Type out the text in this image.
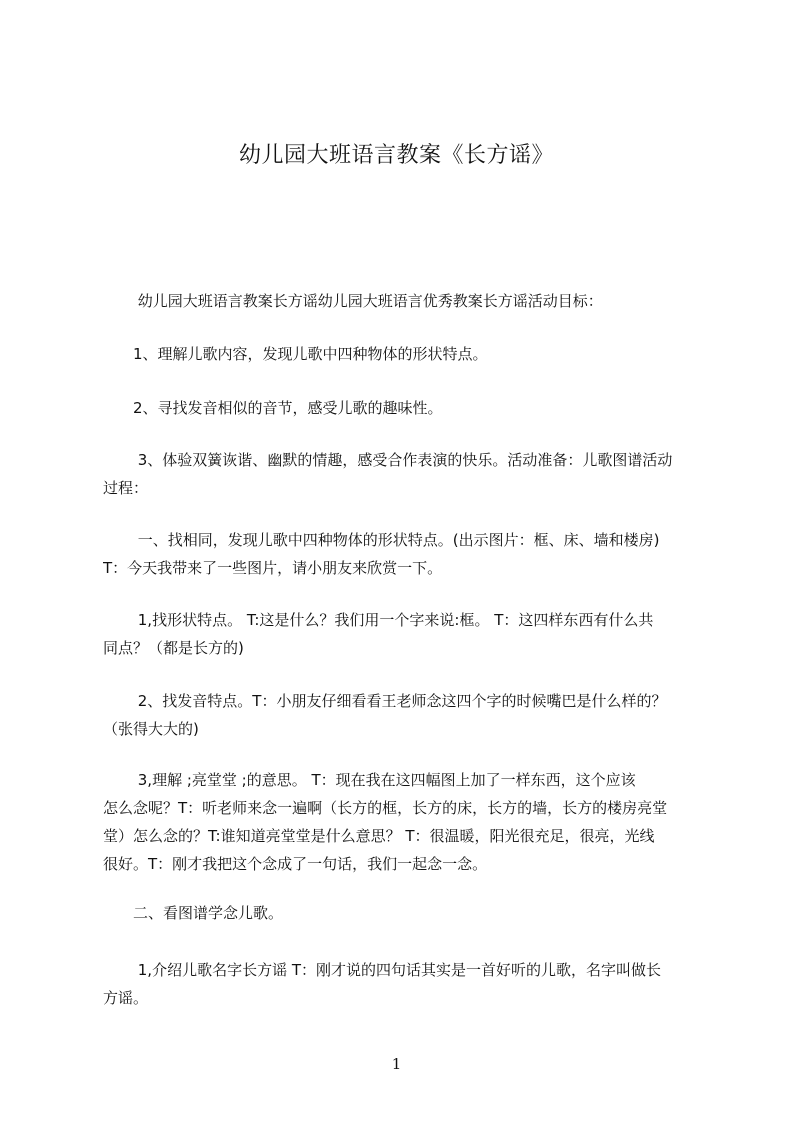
幼儿园大班语言教案《长方谣》
　　 幼儿园大班语言教案长方谣幼儿园大班语言优秀教案长方谣活动目标：
　　1、理解儿歌内容，发现儿歌中四种物体的形状特点。
　　2、寻找发音相似的音节，感受儿歌的趣味性。
　　 3、体验双簧诙谐、幽默的情趣，感受合作表演的快乐。活动准备：儿歌图谱活动
过程：
　　 一、找相同，发现儿歌中四种物体的形状特点。(出示图片：框、床、墙和楼房)
T：今天我带来了一些图片，请小朋友来欣赏一下。
　　 1,找形状特点。 T:这是什么？我们用一个字来说:框。 T：这四样东西有什么共
同点？（都是长方的)
　　 2、找发音特点。T：小朋友仔细看看王老师念这四个字的时候嘴巴是什么样的？
（张得大大的)
　　 3,理解 ;亮堂堂 ;的意思。 T：现在我在这四幅图上加了一样东西，这个应该
怎么念呢？T：听老师来念一遍啊（长方的框，长方的床，长方的墙，长方的楼房亮堂
堂）怎么念的？T:谁知道亮堂堂是什么意思？ T：很温暖，阳光很充足，很亮，光线
很好。T：刚才我把这个念成了一句话，我们一起念一念。
　　二、看图谱学念儿歌。
　　 1,介绍儿歌名字长方谣 T：刚才说的四句话其实是一首好听的儿歌，名字叫做长
方谣。
1
